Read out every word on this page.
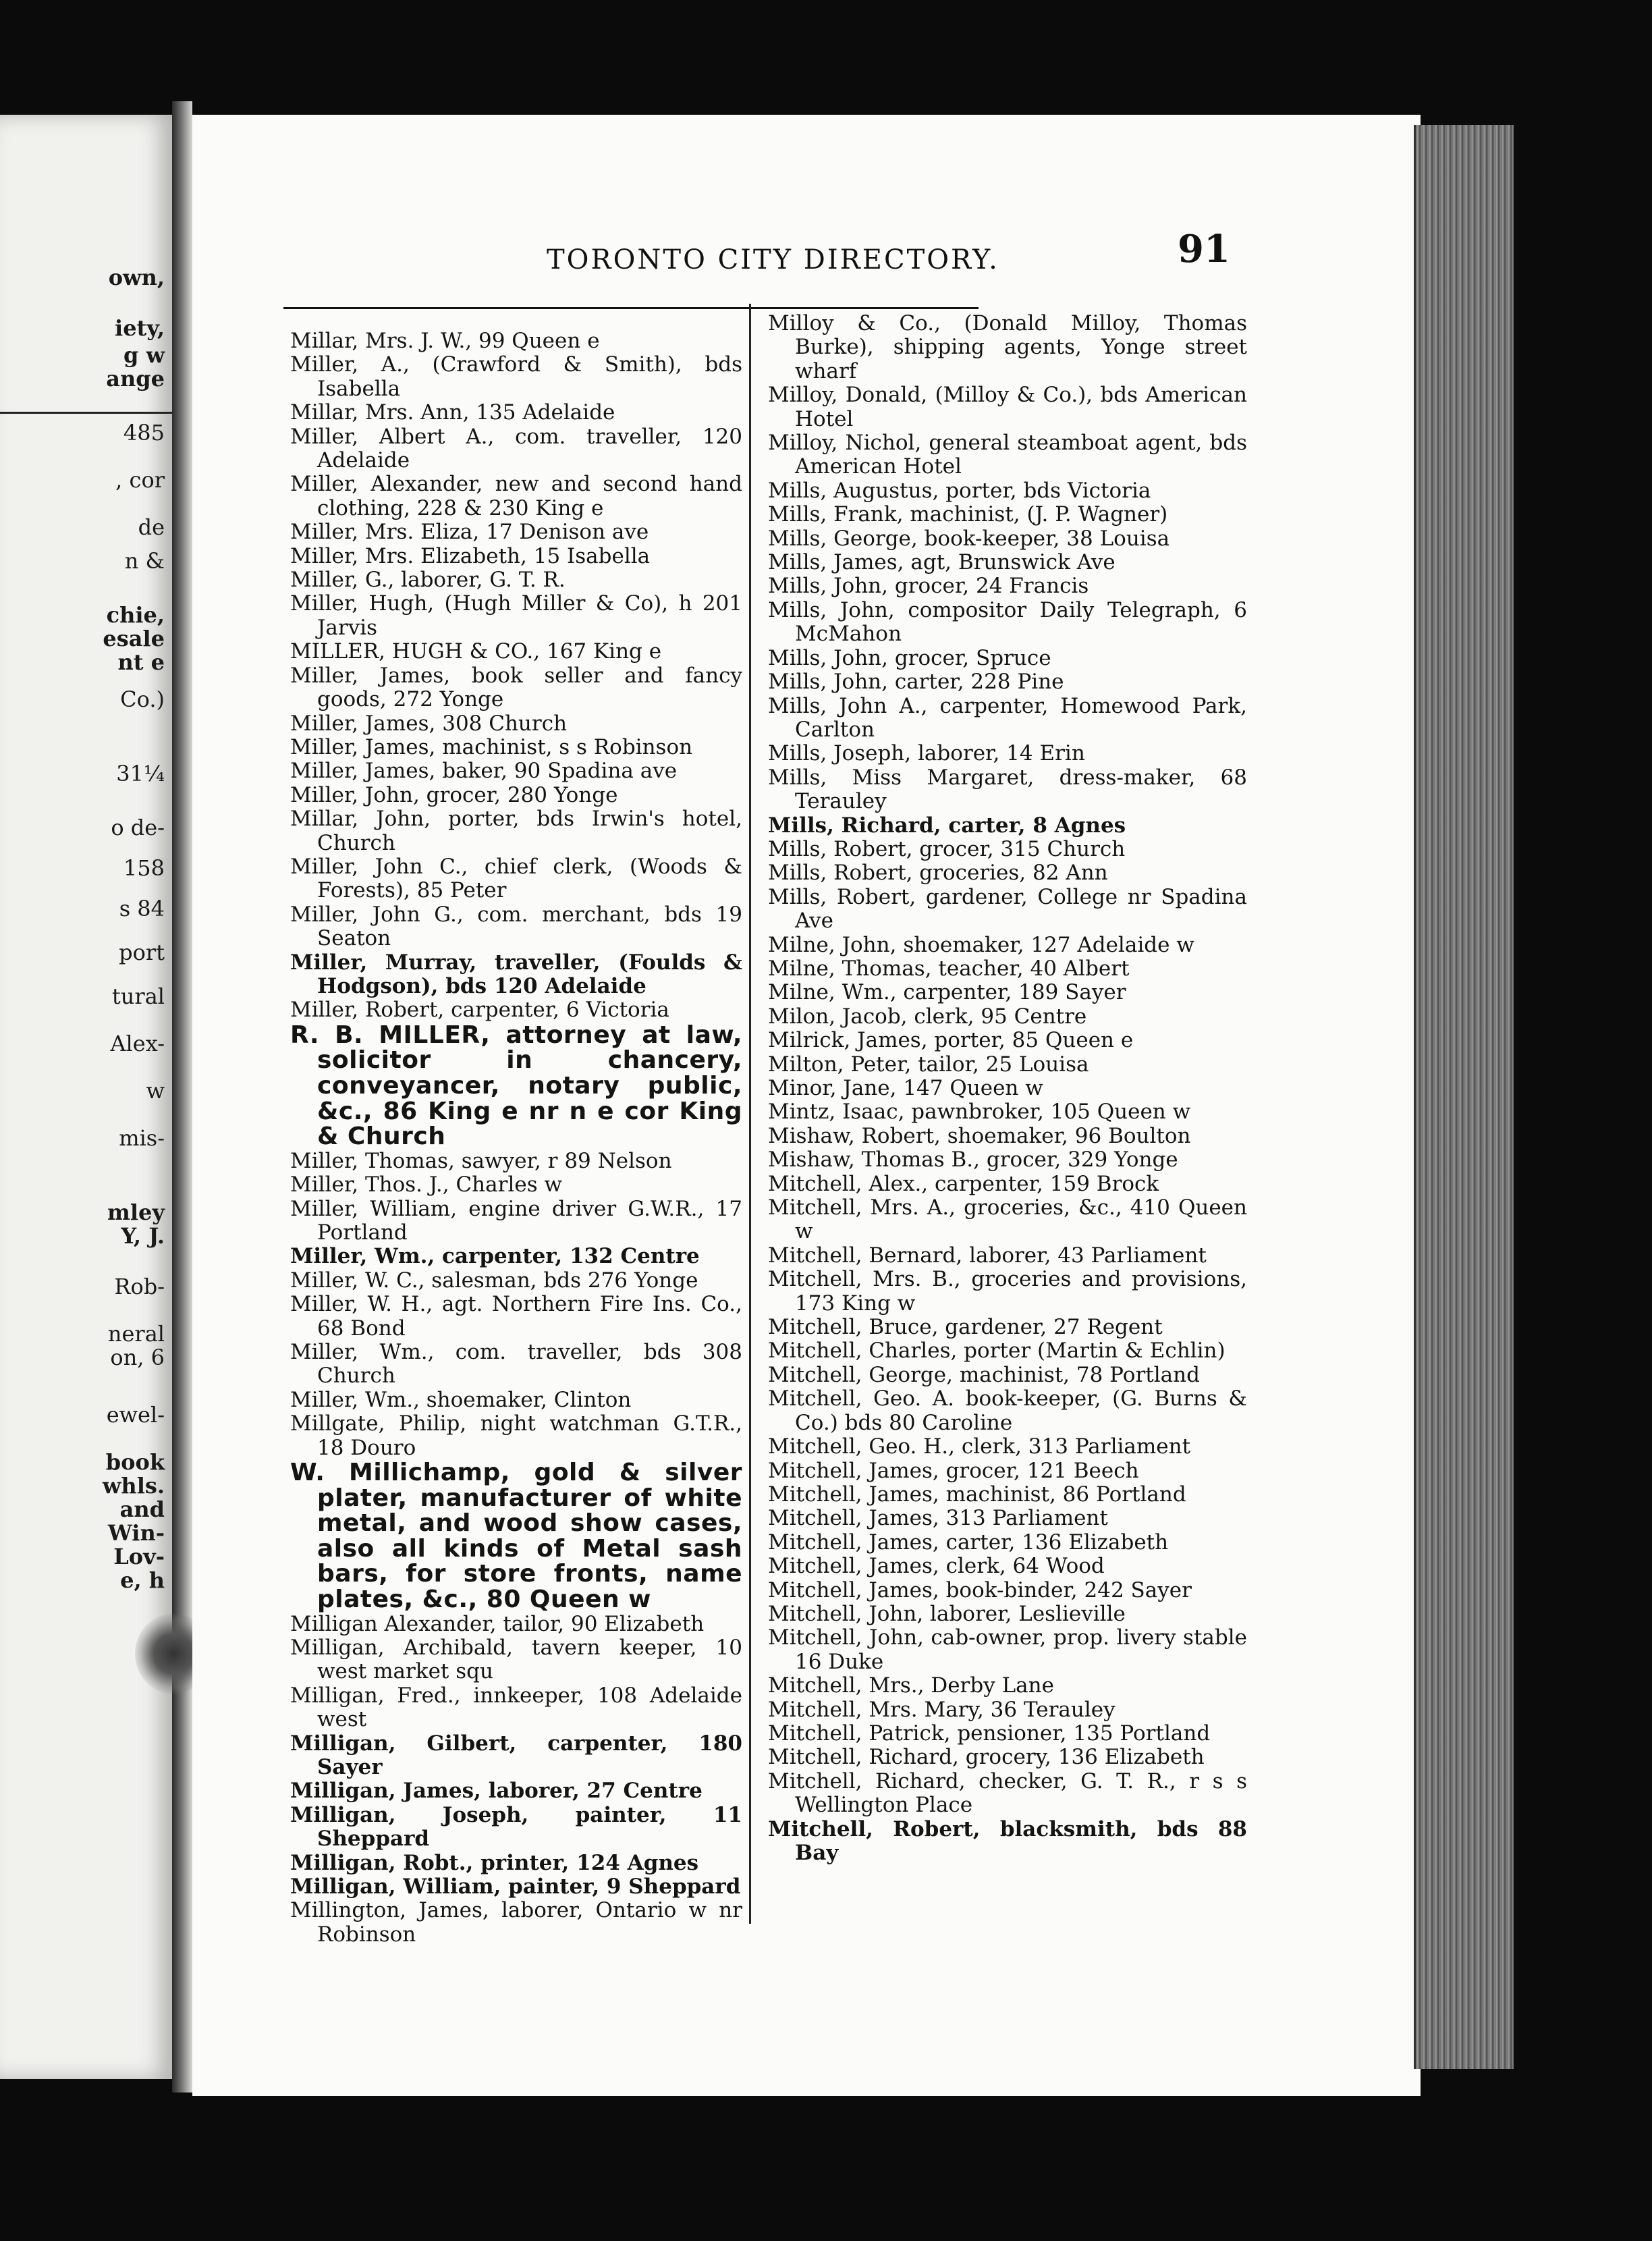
own,
iety,
g w
ange
485
, cor
de
n &
chie,
esale
nt e
Co.)
31¼
o de-
158
s 84
port
tural
Alex-
w
mis-
mley
Y, J.
Rob-
neral
on, 6
ewel-
book
whls.
and
Win-
Lov-
e, h
TORONTO CITY DIRECTORY.	91

Millar, Mrs. J. W., 99 Queen e

Miller, A., (Crawford & Smith), bds Isabella

Millar, Mrs. Ann, 135 Adelaide

Miller, Albert A., com. traveller, 120 Adelaide

Miller, Alexander, new and second hand clothing, 228 & 230 King e

Miller, Mrs. Eliza, 17 Denison ave

Miller, Mrs. Elizabeth, 15 Isabella

Miller, G., laborer, G. T. R.

Miller, Hugh, (Hugh Miller & Co), h 201 Jarvis

MILLER, HUGH & CO., 167 King e

Miller, James, book seller and fancy goods, 272 Yonge

Miller, James, 308 Church

Miller, James, machinist, s s Robinson

Miller, James, baker, 90 Spadina ave

Miller, John, grocer, 280 Yonge

Millar, John, porter, bds Irwin's hotel, Church

Miller, John C., chief clerk, (Woods & Forests), 85 Peter

Miller, John G., com. merchant, bds 19 Seaton

Miller, Murray, traveller, (Foulds & Hodgson), bds 120 Adelaide

Miller, Robert, carpenter, 6 Victoria

R. B. MILLER, attorney at law, solicitor in chancery, conveyancer, notary public, &c., 86 King e nr n e cor King & Church

Miller, Thomas, sawyer, r 89 Nelson

Miller, Thos. J., Charles w

Miller, William, engine driver G.W.R., 17 Portland

Miller, Wm., carpenter, 132 Centre

Miller, W. C., salesman, bds 276 Yonge

Miller, W. H., agt. Northern Fire Ins. Co., 68 Bond

Miller, Wm., com. traveller, bds 308 Church

Miller, Wm., shoemaker, Clinton

Millgate, Philip, night watchman G.T.R., 18 Douro

W. Millichamp, gold & silver plater, manufacturer of white metal, and wood show cases, also all kinds of Metal sash bars, for store fronts, name plates, &c., 80 Queen w

Milligan Alexander, tailor, 90 Elizabeth

Milligan, Archibald, tavern keeper, 10 west market squ

Milligan, Fred., innkeeper, 108 Adelaide west

Milligan, Gilbert, carpenter, 180 Sayer

Milligan, James, laborer, 27 Centre

Milligan, Joseph, painter, 11 Sheppard

Milligan, Robt., printer, 124 Agnes

Milligan, William, painter, 9 Sheppard

Millington, James, laborer, Ontario w nr Robinson

Milloy & Co., (Donald Milloy, Thomas Burke), shipping agents, Yonge street wharf

Milloy, Donald, (Milloy & Co.), bds American Hotel

Milloy, Nichol, general steamboat agent, bds American Hotel

Mills, Augustus, porter, bds Victoria

Mills, Frank, machinist, (J. P. Wagner)

Mills, George, book-keeper, 38 Louisa

Mills, James, agt, Brunswick Ave

Mills, John, grocer, 24 Francis

Mills, John, compositor Daily Telegraph, 6 McMahon

Mills, John, grocer, Spruce

Mills, John, carter, 228 Pine

Mills, John A., carpenter, Homewood Park, Carlton

Mills, Joseph, laborer, 14 Erin

Mills, Miss Margaret, dress-maker, 68 Terauley

Mills, Richard, carter, 8 Agnes

Mills, Robert, grocer, 315 Church

Mills, Robert, groceries, 82 Ann

Mills, Robert, gardener, College nr Spadina Ave

Milne, John, shoemaker, 127 Adelaide w

Milne, Thomas, teacher, 40 Albert

Milne, Wm., carpenter, 189 Sayer

Milon, Jacob, clerk, 95 Centre

Milrick, James, porter, 85 Queen e

Milton, Peter, tailor, 25 Louisa

Minor, Jane, 147 Queen w

Mintz, Isaac, pawnbroker, 105 Queen w

Mishaw, Robert, shoemaker, 96 Boulton

Mishaw, Thomas B., grocer, 329 Yonge

Mitchell, Alex., carpenter, 159 Brock

Mitchell, Mrs. A., groceries, &c., 410 Queen w

Mitchell, Bernard, laborer, 43 Parliament

Mitchell, Mrs. B., groceries and provisions, 173 King w

Mitchell, Bruce, gardener, 27 Regent

Mitchell, Charles, porter (Martin & Echlin)

Mitchell, George, machinist, 78 Portland

Mitchell, Geo. A. book-keeper, (G. Burns & Co.) bds 80 Caroline

Mitchell, Geo. H., clerk, 313 Parliament

Mitchell, James, grocer, 121 Beech

Mitchell, James, machinist, 86 Portland

Mitchell, James, 313 Parliament

Mitchell, James, carter, 136 Elizabeth

Mitchell, James, clerk, 64 Wood

Mitchell, James, book-binder, 242 Sayer

Mitchell, John, laborer, Leslieville

Mitchell, John, cab-owner, prop. livery stable 16 Duke

Mitchell, Mrs., Derby Lane

Mitchell, Mrs. Mary, 36 Terauley

Mitchell, Patrick, pensioner, 135 Portland

Mitchell, Richard, grocery, 136 Elizabeth

Mitchell, Richard, checker, G. T. R., r s s Wellington Place

Mitchell, Robert, blacksmith, bds 88 Bay
